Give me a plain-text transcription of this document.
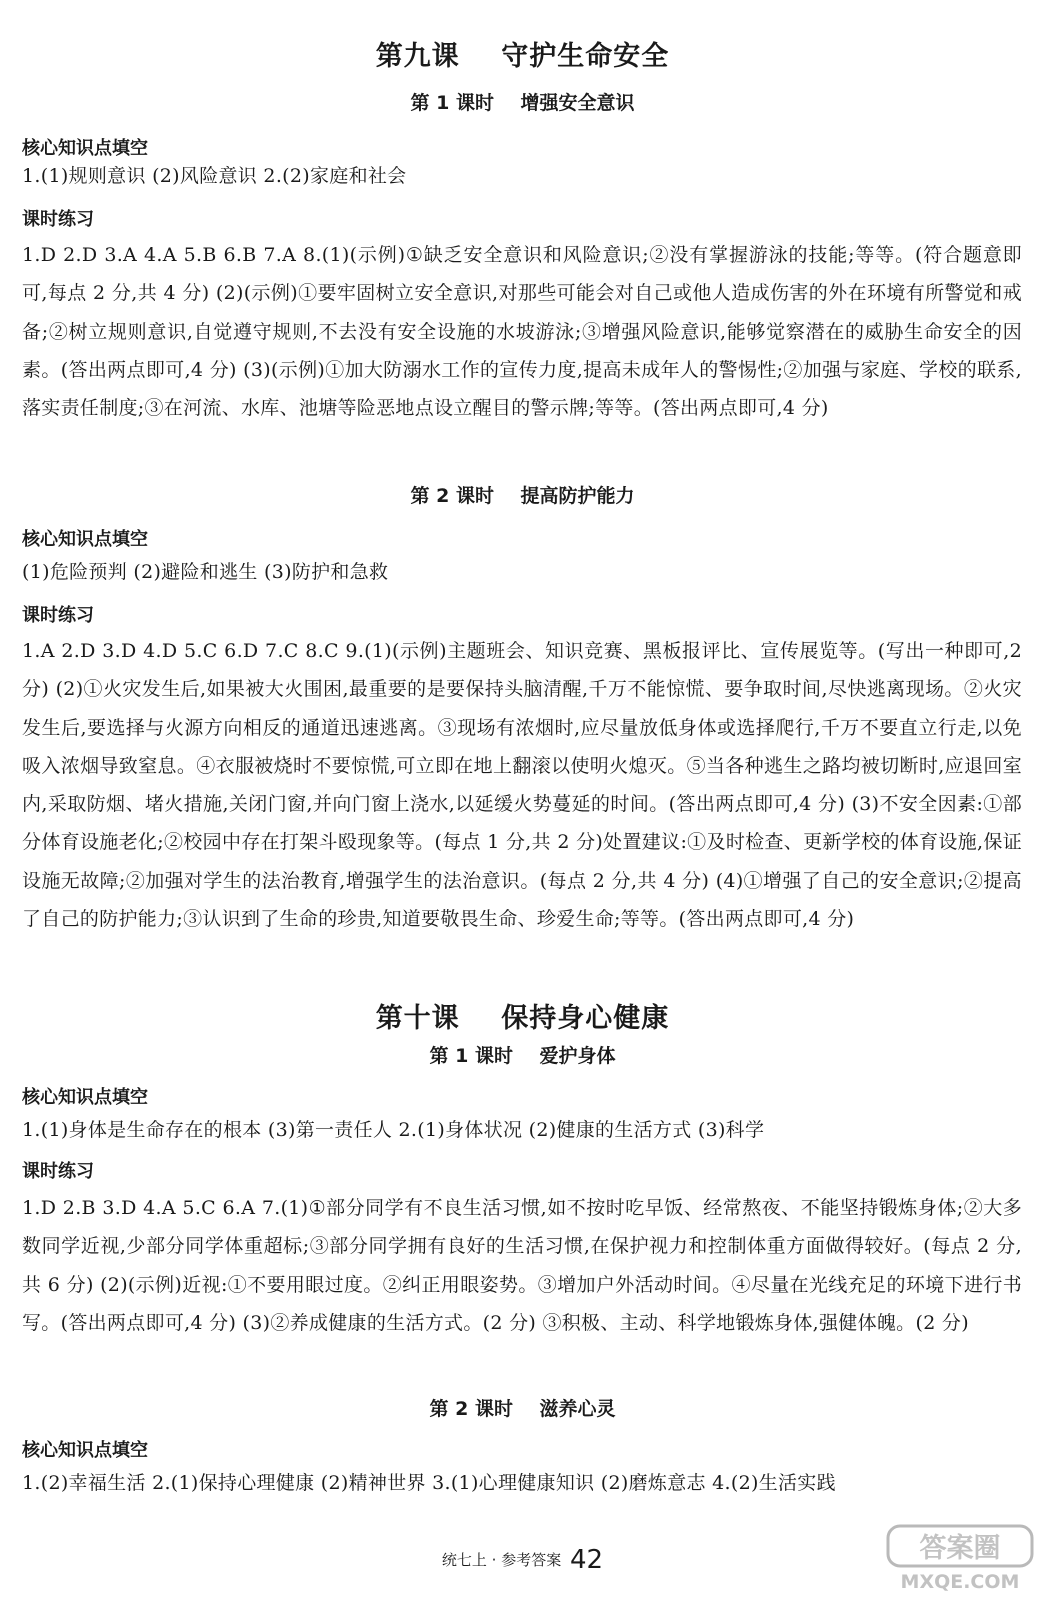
第九课    守护生命安全
第 1 课时    增强安全意识
核心知识点填空
1.(1)规则意识 (2)风险意识 2.(2)家庭和社会
课时练习
1.D 2.D 3.A 4.A 5.B 6.B 7.A 8.(1)(示例)①缺乏安全意识和风险意识;②没有掌握游泳的技能;等等。(符合题意即可,每点 2 分,共 4 分) (2)(示例)①要牢固树立安全意识,对那些可能会对自己或他人造成伤害的外在环境有所警觉和戒备;②树立规则意识,自觉遵守规则,不去没有安全设施的水坡游泳;③增强风险意识,能够觉察潜在的威胁生命安全的因素。(答出两点即可,4 分) (3)(示例)①加大防溺水工作的宣传力度,提高未成年人的警惕性;②加强与家庭、学校的联系,落实责任制度;③在河流、水库、池塘等险恶地点设立醒目的警示牌;等等。(答出两点即可,4 分)
第 2 课时    提高防护能力
核心知识点填空
(1)危险预判 (2)避险和逃生 (3)防护和急救
课时练习
1.A 2.D 3.D 4.D 5.C 6.D 7.C 8.C 9.(1)(示例)主题班会、知识竞赛、黑板报评比、宣传展览等。(写出一种即可,2 分) (2)①火灾发生后,如果被大火围困,最重要的是要保持头脑清醒,千万不能惊慌、要争取时间,尽快逃离现场。②火灾发生后,要选择与火源方向相反的通道迅速逃离。③现场有浓烟时,应尽量放低身体或选择爬行,千万不要直立行走,以免吸入浓烟导致窒息。④衣服被烧时不要惊慌,可立即在地上翻滚以使明火熄灭。⑤当各种逃生之路均被切断时,应退回室内,采取防烟、堵火措施,关闭门窗,并向门窗上浇水,以延缓火势蔓延的时间。(答出两点即可,4 分) (3)不安全因素:①部分体育设施老化;②校园中存在打架斗殴现象等。(每点 1 分,共 2 分)处置建议:①及时检查、更新学校的体育设施,保证设施无故障;②加强对学生的法治教育,增强学生的法治意识。(每点 2 分,共 4 分) (4)①增强了自己的安全意识;②提高了自己的防护能力;③认识到了生命的珍贵,知道要敬畏生命、珍爱生命;等等。(答出两点即可,4 分)
第十课    保持身心健康
第 1 课时    爱护身体
核心知识点填空
1.(1)身体是生命存在的根本 (3)第一责任人 2.(1)身体状况 (2)健康的生活方式 (3)科学
课时练习
1.D 2.B 3.D 4.A 5.C 6.A 7.(1)①部分同学有不良生活习惯,如不按时吃早饭、经常熬夜、不能坚持锻炼身体;②大多数同学近视,少部分同学体重超标;③部分同学拥有良好的生活习惯,在保护视力和控制体重方面做得较好。(每点 2 分,共 6 分) (2)(示例)近视:①不要用眼过度。②纠正用眼姿势。③增加户外活动时间。④尽量在光线充足的环境下进行书写。(答出两点即可,4 分) (3)②养成健康的生活方式。(2 分) ③积极、主动、科学地锻炼身体,强健体魄。(2 分)
第 2 课时    滋养心灵
核心知识点填空
1.(2)幸福生活 2.(1)保持心理健康 (2)精神世界 3.(1)心理健康知识 (2)磨炼意志 4.(2)生活实践
统七上 · 参考答案 42	答案圈
MXQE.COM
